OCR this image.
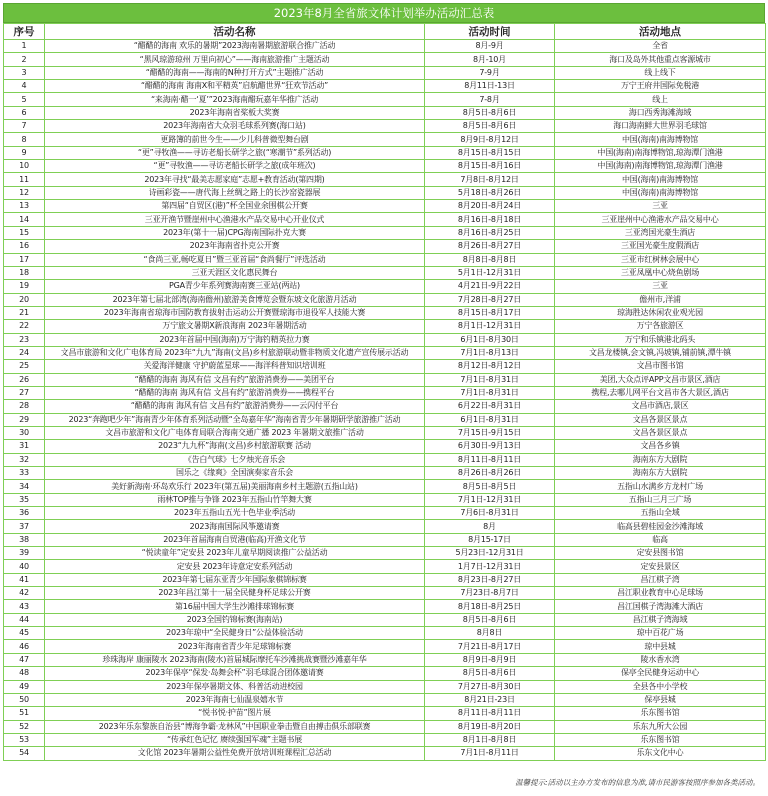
2023年8月全省旅文体计划举办活动汇总表
序号	活动名称	活动时间	活动地点
1	“醋醋的海南 欢乐的暑期”2023海南暑期旅游联合推广活动	8月-9月	全省
2	“黑风琼游琼州 万里向初心”——海南旅游推广主题活动	8月-10月	海口及岛外其他重点客源城市
3	“醋醋的海南——海南的N种打开方式”主题推广活动	7-9月	线上线下
4	“醋醋的海南 海南X和平精英”启航醋世界“狂欢节活动”	8月11日-13日	万宁王府井国际免税港
5	“来海南·醋一‘夏’”2023海南醋玩嘉年华推广活动	7-8月	线上
6	2023年海南省桨板大奖赛	8月5日-8月6日	海口西秀海滩海域
7	2023年海南省大众羽毛球系列赛(海口站)	8月5日-8月6日	海口海南鲜大世界羽毛球馆
8	更路簿的前世今生——少儿科普微型舞台剧	8月9日-8月12日	中国(海南)南海博物馆
9	“更”寻牧渔——寻访老船长研学之旅(“寒潮节”系列活动)	8月15日-8月15日	中国(海南)南海博物馆,琼海潭门渔港
10	“更”寻牧渔——寻访老船长研学之旅(成年班次)	8月15日-8月16日	中国(海南)南海博物馆,琼海潭门渔港
11	2023年寻找“最美志愿家庭”志愿+教育活动(第四期)	7月8日-8月12日	中国(海南)南海博物馆
12	诗画彩瓷——唐代海上丝绸之路上的长沙窑瓷器展	5月18日-8月26日	中国(海南)南海博物馆
13	第四届“自贸区(港)”杯全国业余围棋公开赛	8月20日-8月24日	三亚
14	三亚开渔节暨崖州中心渔港水产品交易中心开业仪式	8月16日-8月18日	三亚崖州中心渔港水产品交易中心
15	2023年(第十一届)CPG海南国际扑克大赛	8月16日-8月25日	三亚湾国光豪生酒店
16	2023年海南省扑克公开赛	8月26日-8月27日	三亚国光豪生度假酒店
17	“食尚三亚,畅吃夏日”暨三亚首届“食尚餐厅”评选活动	8月8日-8月8日	三亚市红树林会展中心
18	三亚天涯区文化惠民舞台	5月1日-12月31日	三亚凤凰中心烧鱼剧场
19	PGA青少年系列赛海南赛三亚站(两站)	4月21日-9月22日	三亚
20	2023年第七届北部湾(海南儋州)旅游美食博览会暨东坡文化旅游月活动	7月28日-8月27日	儋州市,洋浦
21	2023年海南省琼海市国防教育拔射击运动公开赛暨琼海市退役军人技能大赛	8月15日-8月17日	琼海胜达休闲农业观光园
22	万宁旅文暑期X新浪海南 2023年暑期活动	8月1日-12月31日	万宁各旅游区
23	2023年首届中国(海南)万宁海钓精英拉力赛	6月1日-8月30日	万宁和乐镇港北码头
24	文昌市旅游和文化广电体育局 2023年“九九”海南(文昌)乡村旅游联动暨非物质文化遗产宣传展示活动	7月1日-8月13日	文昌龙楼镇,会文镇,冯坡镇,铺前镇,潭牛镇
25	关爱海洋健康 守护蔚蓝星球——海洋科普知识培训班	8月12日-8月12日	文昌市图书馆
26	“醋醋的海南 海风有信 文昌有约”旅游消费券——美团平台	7月1日-8月31日	美团,大众点评APP文昌市景区,酒店
27	“醋醋的海南 海风有信 文昌有约”旅游消费券——携程平台	7月1日-8月31日	携程,去哪儿网平台文昌市各大景区,酒店
28	“醋醋的海南 海风有信 文昌有约”旅游消费券——云闪付平台	6月22日-8月31日	文昌市酒店,景区
29	2023“奔跑吧少年”海南青少年体育系列活动暨“全岛嘉年华”海南省青少年暑期研学旅游推广活动	6月1日-8月31日	文昌各景区景点
30	文昌市旅游和文化广电体育局联合海南交通广播 2023 年暑期文旅推广活动	7月15日-9月15日	文昌各景区景点
31	2023“九九杯”海南(文昌)乡村旅游联赛 活动	6月30日-9月13日	文昌各乡镇
32	《告白气球》七夕烛光音乐会	8月11日-8月11日	海南东方大剧院
33	国乐之《缘爽》全国演奏家音乐会	8月26日-8月26日	海南东方大剧院
34	美好新海南·环岛欢乐行 2023年(第五届)美丽海南乡村主题游(五指山站)	8月5日-8月5日	五指山水满乡方龙村广场
35	雨林TOP推与争锋 2023年五指山竹竿舞大赛	7月1日-12月31日	五指山三月三广场
36	2023年五指山五光十色毕业季活动	7月6日-8月31日	五指山全域
37	2023海南国际风筝邀请赛	8月	临高县碧桂园金沙滩海域
38	2023年首届海南自贸港(临高)开渔文化节	8月15-17日	临高
39	“悦读童年”定安县 2023年儿童早期阅读推广公益活动	5月23日-12月31日	定安县图书馆
40	定安县 2023年诗意定安系列活动	1月7日-12月31日	定安县景区
41	2023年第七届东亚青少年国际象棋锦标赛	8月23日-8月27日	昌江棋子湾
42	2023年昌江第十一届全民健身杯足球公开赛	7月23日-8月7日	昌江职业教育中心足球场
43	第16届中国大学生沙滩排球锦标赛	8月18日-8月25日	昌江国棋子湾海滩大酒店
44	2023全国钓锦标赛(海南站)	8月5日-8月6日	昌江棋子湾海域
45	2023年琼中“全民健身日”公益体验活动	8月8日	琼中百花广场
46	2023年海南省青少年足球锦标赛	7月21日-8月17日	琼中县城
47	珍珠海岸 康丽陵水 2023海南(陵水)首届城际摩托车沙滩挑战赛暨沙滩嘉年华	8月9日-8月9日	陵水香水湾
48	2023年保亭“保发·岛舞会杯”羽毛球混合团体邀请赛	8月5日-8月6日	保亭全民健身运动中心
49	2023年保亭暑期文体、科普活动进校园	7月27日-8月30日	全县各中小学校
50	2023年海南七仙温泉嬉水节	8月21日-23日	保亭县城
51	“悦书悦·护苗”图片展	8月11日-8月11日	乐东图书馆
52	2023年乐东黎族自治县“博海争霸·龙林风”中国职业拳击暨自由搏击俱乐部联赛	8月19日-8月20日	乐东九所大公园
53	“传承红色记忆 赓续强国军魂”主题书展	8月1日-8月8日	乐东图书馆
54	文化馆 2023年暑期公益性免费开放培训班课程汇总活动	7月1日-8月11日	乐东文化中心
温馨提示:活动以主办方发布的信息为准,请市民游客按照序参加各类活动。
